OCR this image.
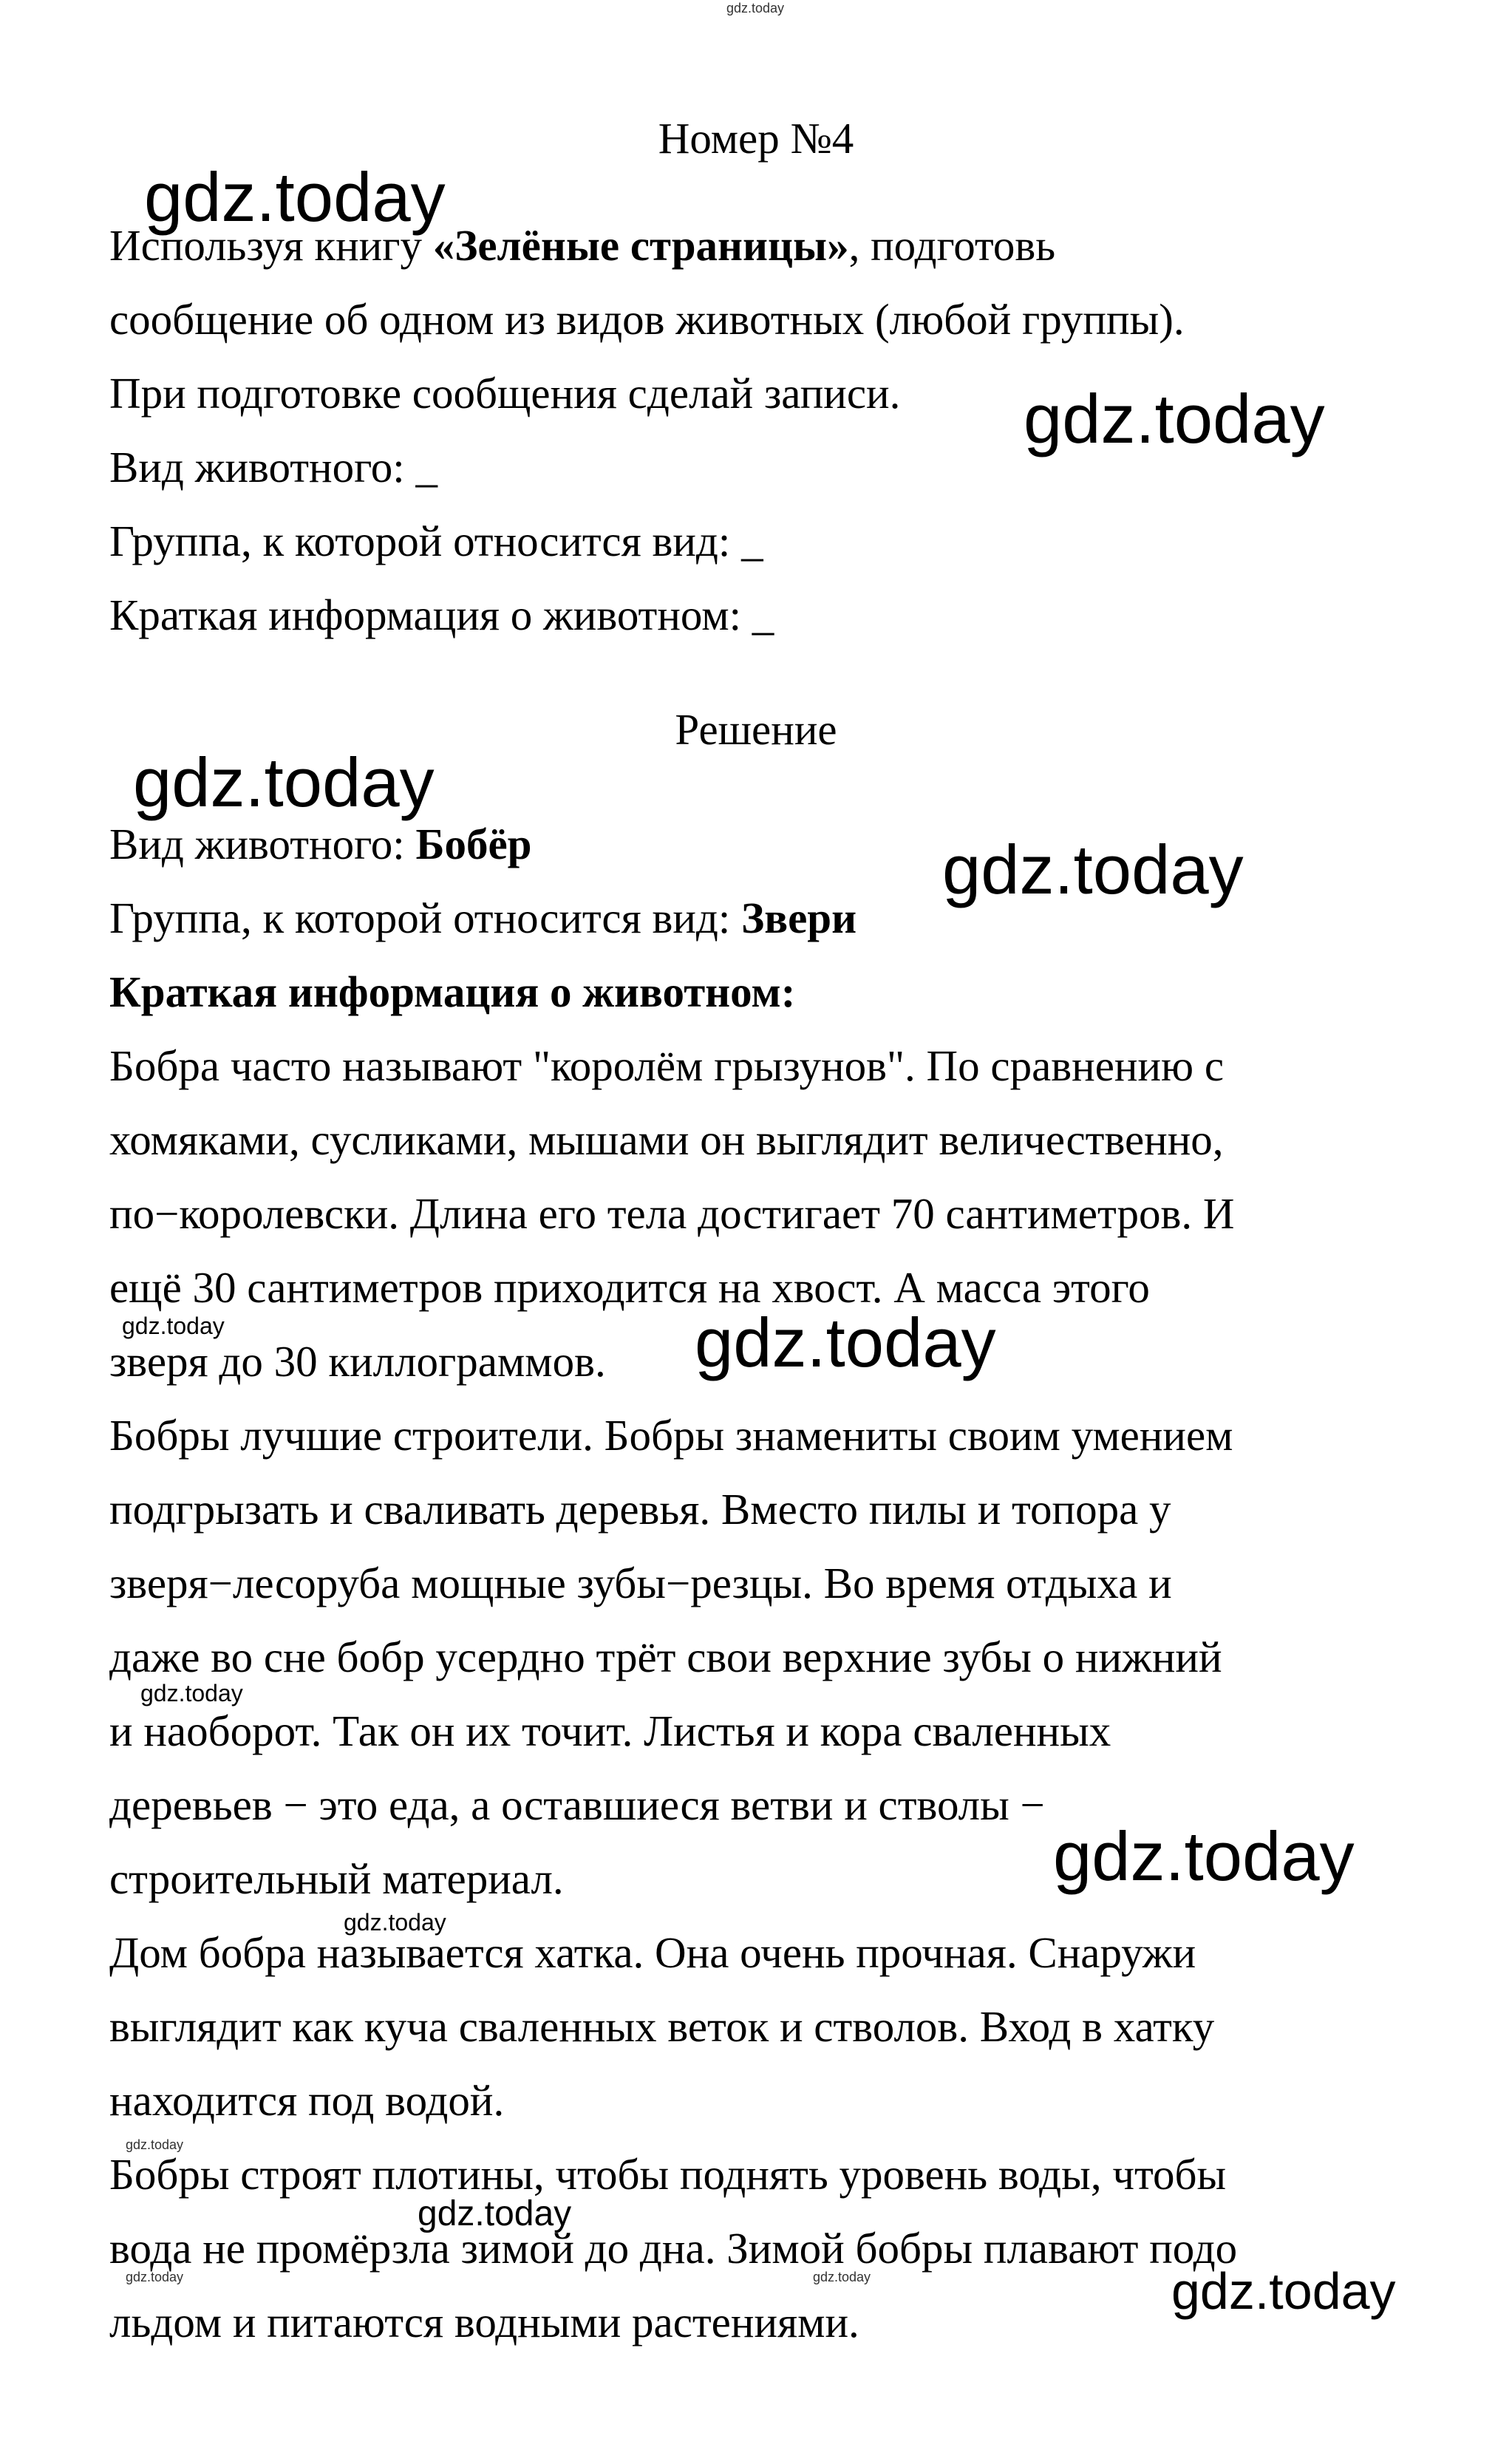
gdz.today
Номер №4
Используя книгу «Зелёные страницы», подготовь
сообщение об одном из видов животных (любой группы).
При подготовке сообщения сделай записи.
Вид животного: _
Группа, к которой относится вид: _
Краткая информация о животном: _
Решение
Вид животного: Бобёр
Группа, к которой относится вид: Звери
Краткая информация о животном:
Бобра часто называют "королём грызунов". По сравнению с
хомяками, сусликами, мышами он выглядит величественно,
по−королевски. Длина его тела достигает 70 сантиметров. И
ещё 30 сантиметров приходится на хвост. А масса этого
зверя до 30 киллограммов.
Бобры лучшие строители. Бобры знамениты своим умением
подгрызать и сваливать деревья. Вместо пилы и топора у
зверя−лесоруба мощные зубы−резцы. Во время отдыха и
даже во сне бобр усердно трёт свои верхние зубы о нижний
и наоборот. Так он их точит. Листья и кора сваленных
деревьев − это еда, а оставшиеся ветви и стволы −
строительный материал.
Дом бобра называется хатка. Она очень прочная. Снаружи
выглядит как куча сваленных веток и стволов. Вход в хатку
находится под водой.
Бобры строят плотины, чтобы поднять уровень воды, чтобы
вода не промёрзла зимой до дна. Зимой бобры плавают подо
льдом и питаются водными растениями.
gdz.today
gdz.today
gdz.today
gdz.today
gdz.today	gdz.today
gdz.today
gdz.today
gdz.today
gdz.today
gdz.today
gdz.today	gdz.today	gdz.today
